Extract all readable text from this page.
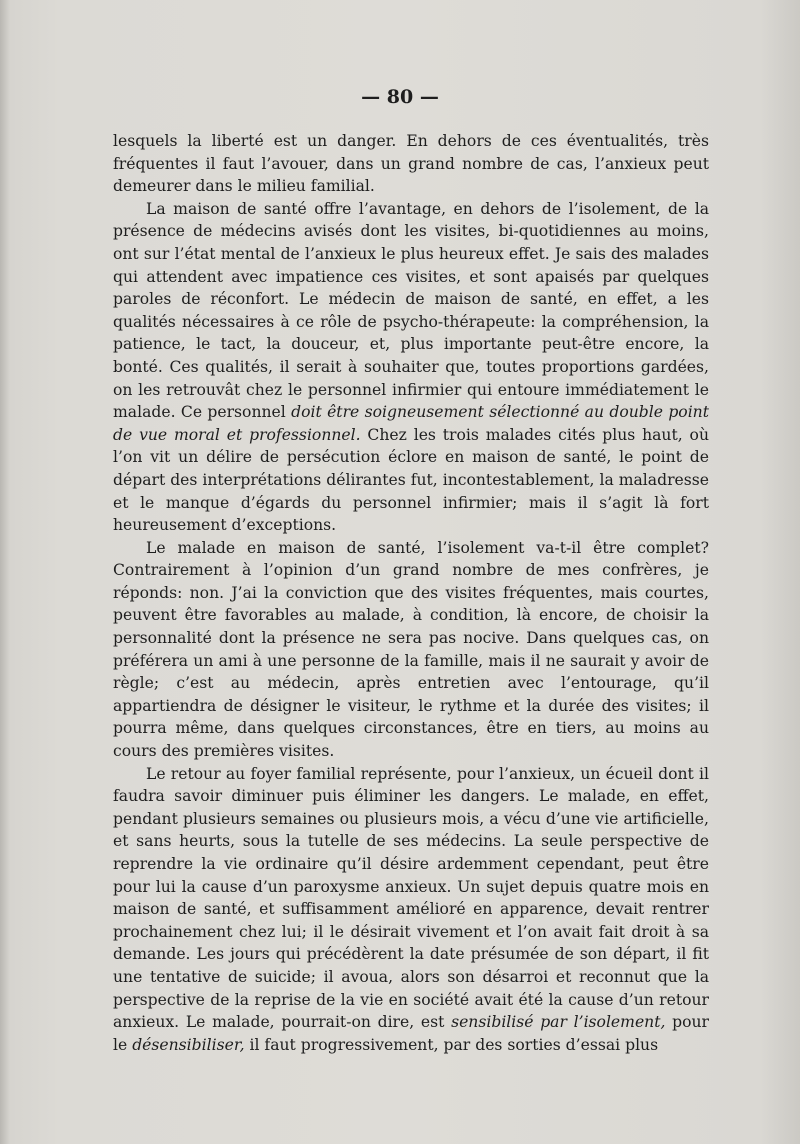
— 80 —

lesquels la liberté est un danger. En dehors de ces éventualités, très fréquentes il faut l’avouer, dans un grand nombre de cas, l’anxieux peut demeurer dans le milieu familial.

La maison de santé offre l’avantage, en dehors de l’isolement, de la présence de médecins avisés dont les visites, bi-quotidiennes au moins, ont sur l’état mental de l’anxieux le plus heureux effet. Je sais des malades qui attendent avec impatience ces visites, et sont apaisés par quelques paroles de réconfort. Le médecin de maison de santé, en effet, a les qualités nécessaires à ce rôle de psycho-thérapeute: la compréhension, la patience, le tact, la douceur, et, plus importante peut-être encore, la bonté. Ces qualités, il serait à souhaiter que, toutes proportions gardées, on les retrouvât chez le personnel infirmier qui entoure immédiatement le malade. Ce personnel doit être soigneusement sélectionné au double point de vue moral et professionnel. Chez les trois malades cités plus haut, où l’on vit un délire de persécution éclore en maison de santé, le point de départ des interprétations délirantes fut, incontestablement, la maladresse et le manque d’égards du personnel infirmier; mais il s’agit là fort heureusement d’exceptions.

Le malade en maison de santé, l’isolement va-t-il être complet? Contrairement à l’opinion d’un grand nombre de mes confrères, je réponds: non. J’ai la conviction que des visites fréquentes, mais courtes, peuvent être favorables au malade, à condition, là encore, de choisir la personnalité dont la présence ne sera pas nocive. Dans quelques cas, on préférera un ami à une personne de la famille, mais il ne saurait y avoir de règle; c’est au médecin, après entretien avec l’entourage, qu’il appartiendra de désigner le visiteur, le rythme et la durée des visites; il pourra même, dans quelques circonstances, être en tiers, au moins au cours des premières visites.

Le retour au foyer familial représente, pour l’anxieux, un écueil dont il faudra savoir diminuer puis éliminer les dangers. Le malade, en effet, pendant plusieurs semaines ou plusieurs mois, a vécu d’une vie artificielle, et sans heurts, sous la tutelle de ses médecins. La seule perspective de reprendre la vie ordinaire qu’il désire ardemment cependant, peut être pour lui la cause d’un paroxysme anxieux. Un sujet depuis quatre mois en maison de santé, et suffisamment amélioré en apparence, devait rentrer prochainement chez lui; il le désirait vivement et l’on avait fait droit à sa demande. Les jours qui précédèrent la date présumée de son départ, il fit une tentative de suicide; il avoua, alors son désarroi et reconnut que la perspective de la reprise de la vie en société avait été la cause d’un retour anxieux. Le malade, pourrait-on dire, est sensibilisé par l’isolement, pour le désensibiliser, il faut progressivement, par des sorties d’essai plus
